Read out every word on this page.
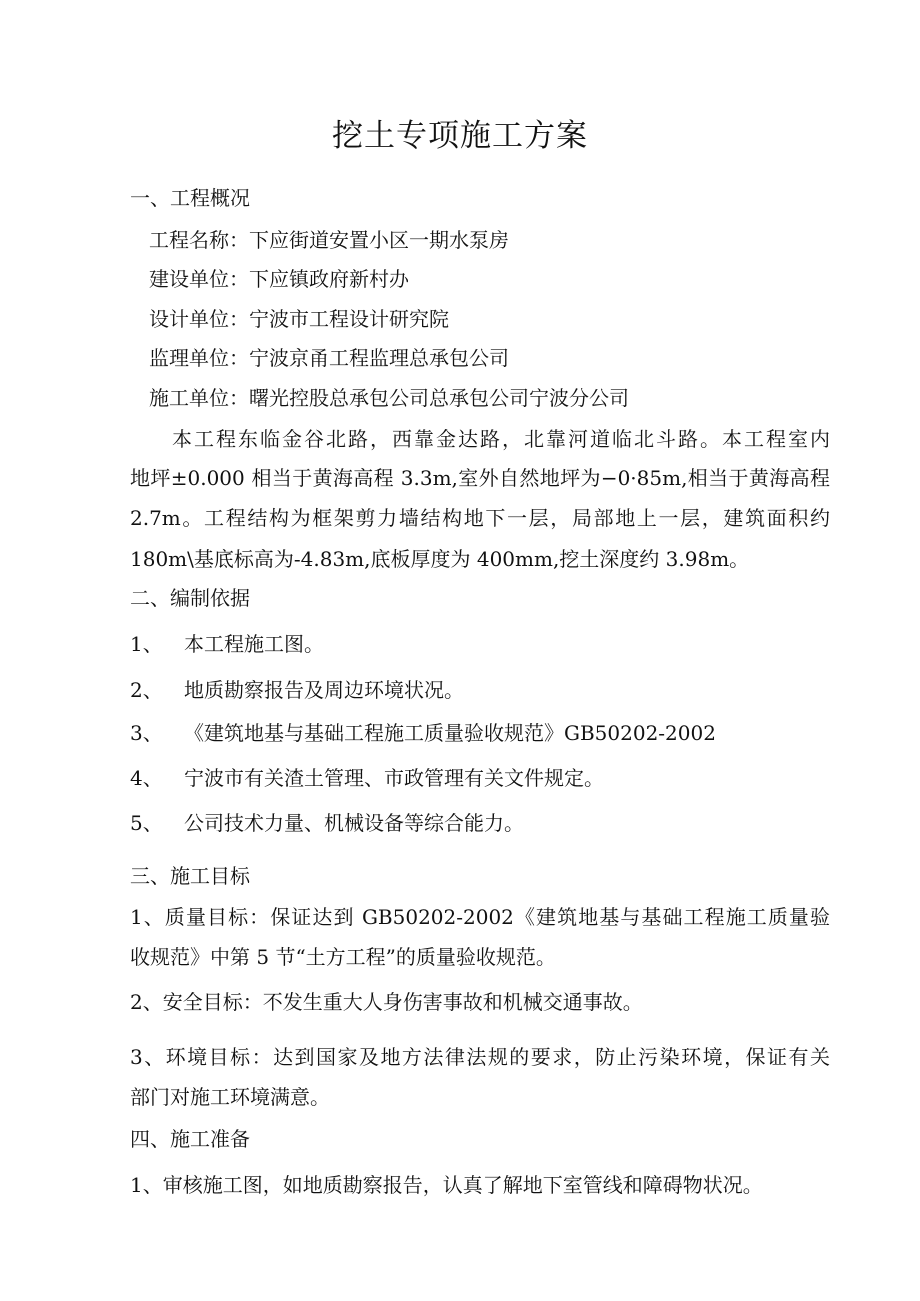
挖土专项施工方案

一、工程概况

工程名称：下应街道安置小区一期水泵房

建设单位：下应镇政府新村办

设计单位：宁波市工程设计研究院

监理单位：宁波京甬工程监理总承包公司

施工单位：曙光控股总承包公司总承包公司宁波分公司

本工程东临金谷北路，西靠金达路，北靠河道临北斗路。本工程室内

地坪±0.000 相当于黄海高程 3.3m,室外自然地坪为−0·85m,相当于黄海高程

2.7m。工程结构为框架剪力墙结构地下一层，局部地上一层，建筑面积约

180m\基底标高为-4.83m,底板厚度为 400mm,挖土深度约 3.98m。

二、编制依据

1、 本工程施工图。

2、 地质勘察报告及周边环境状况。

3、 《建筑地基与基础工程施工质量验收规范》GB50202-2002

4、 宁波市有关渣土管理、市政管理有关文件规定。

5、 公司技术力量、机械设备等综合能力。

三、施工目标

1、质量目标：保证达到 GB50202-2002《建筑地基与基础工程施工质量验

收规范》中第 5 节“土方工程”的质量验收规范。

2、安全目标：不发生重大人身伤害事故和机械交通事故。

3、环境目标：达到国家及地方法律法规的要求，防止污染环境，保证有关

部门对施工环境满意。

四、施工准备

1、审核施工图，如地质勘察报告，认真了解地下室管线和障碍物状况。
